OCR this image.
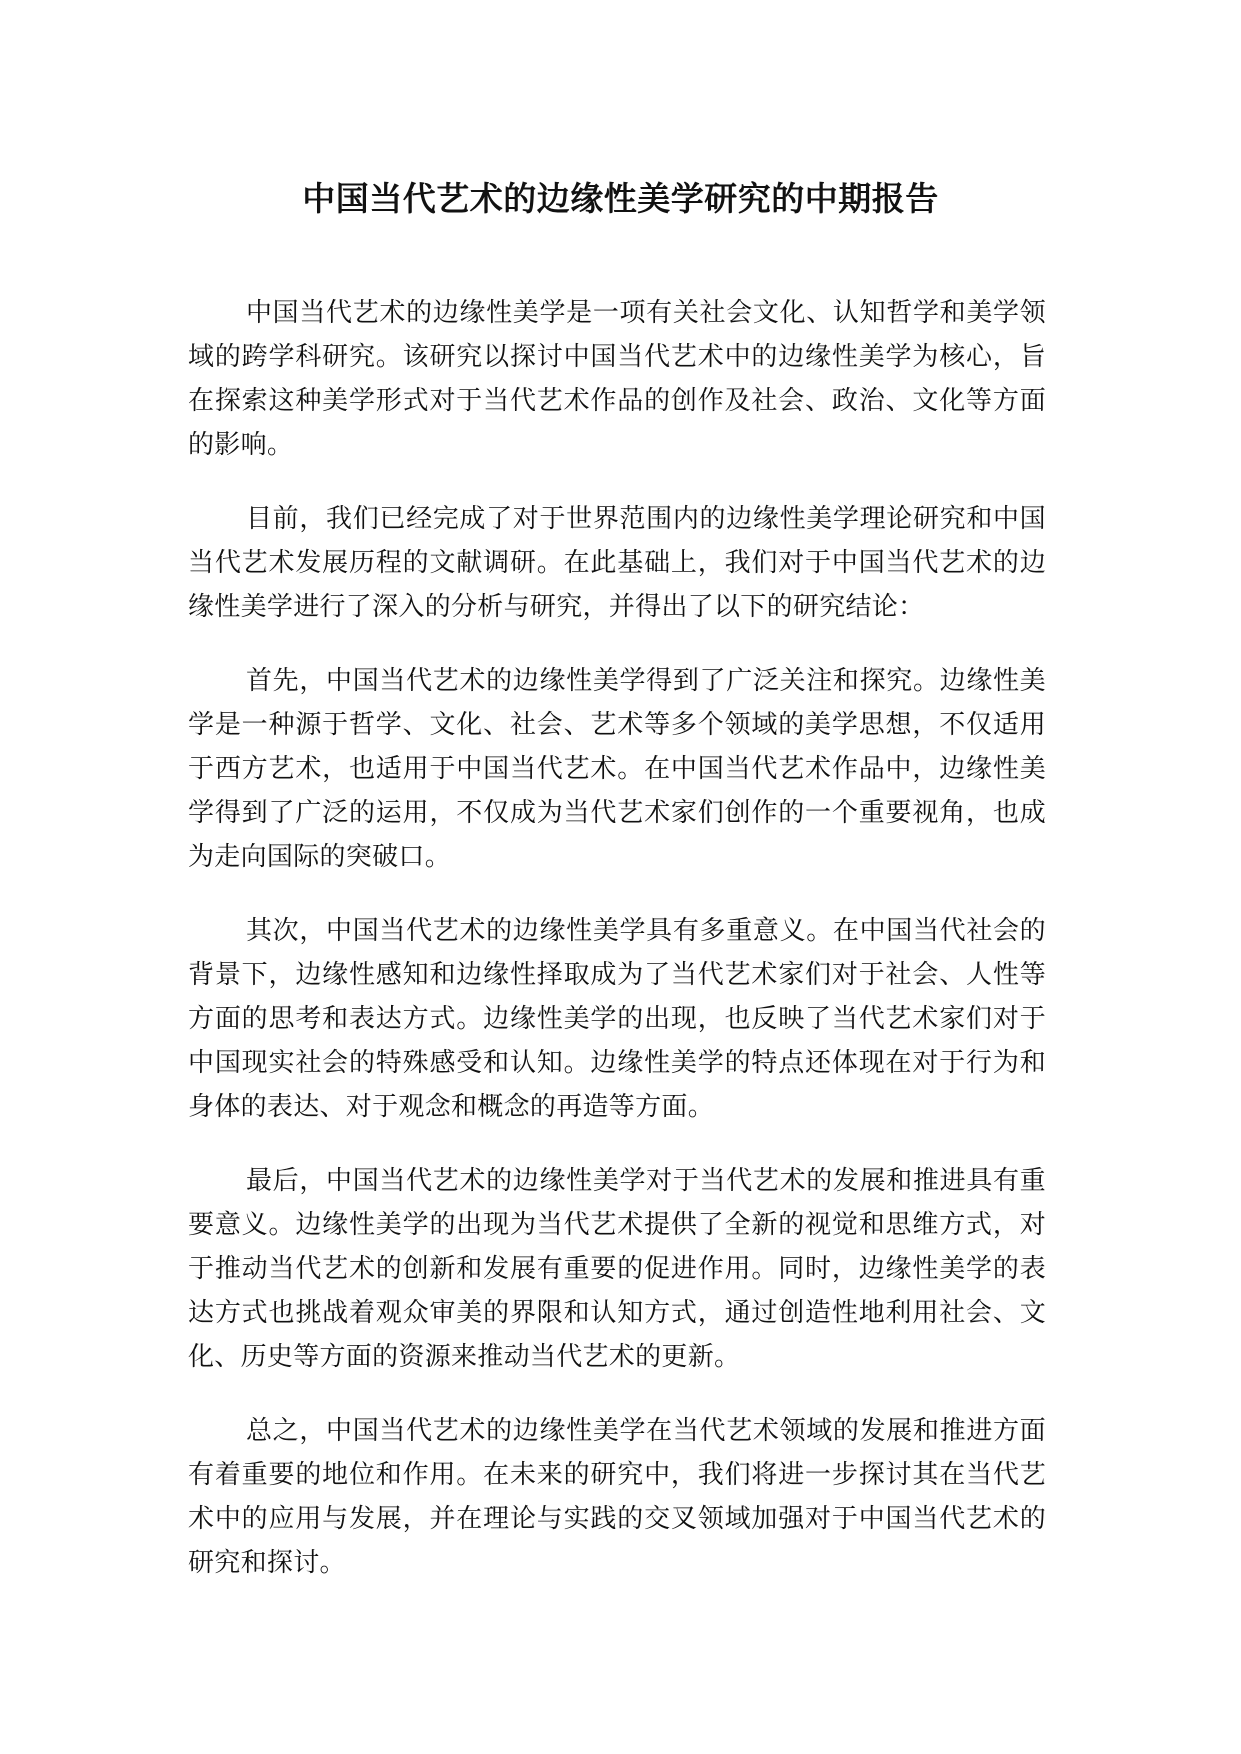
中国当代艺术的边缘性美学研究的中期报告

中国当代艺术的边缘性美学是一项有关社会文化、认知哲学和美学领域的跨学科研究。该研究以探讨中国当代艺术中的边缘性美学为核心，旨在探索这种美学形式对于当代艺术作品的创作及社会、政治、文化等方面的影响。

目前，我们已经完成了对于世界范围内的边缘性美学理论研究和中国当代艺术发展历程的文献调研。在此基础上，我们对于中国当代艺术的边缘性美学进行了深入的分析与研究，并得出了以下的研究结论：

首先，中国当代艺术的边缘性美学得到了广泛关注和探究。边缘性美学是一种源于哲学、文化、社会、艺术等多个领域的美学思想，不仅适用于西方艺术，也适用于中国当代艺术。在中国当代艺术作品中，边缘性美学得到了广泛的运用，不仅成为当代艺术家们创作的一个重要视角，也成为走向国际的突破口。

其次，中国当代艺术的边缘性美学具有多重意义。在中国当代社会的背景下，边缘性感知和边缘性择取成为了当代艺术家们对于社会、人性等方面的思考和表达方式。边缘性美学的出现，也反映了当代艺术家们对于中国现实社会的特殊感受和认知。边缘性美学的特点还体现在对于行为和身体的表达、对于观念和概念的再造等方面。

最后，中国当代艺术的边缘性美学对于当代艺术的发展和推进具有重要意义。边缘性美学的出现为当代艺术提供了全新的视觉和思维方式，对于推动当代艺术的创新和发展有重要的促进作用。同时，边缘性美学的表达方式也挑战着观众审美的界限和认知方式，通过创造性地利用社会、文化、历史等方面的资源来推动当代艺术的更新。

总之，中国当代艺术的边缘性美学在当代艺术领域的发展和推进方面有着重要的地位和作用。在未来的研究中，我们将进一步探讨其在当代艺术中的应用与发展，并在理论与实践的交叉领域加强对于中国当代艺术的研究和探讨。
